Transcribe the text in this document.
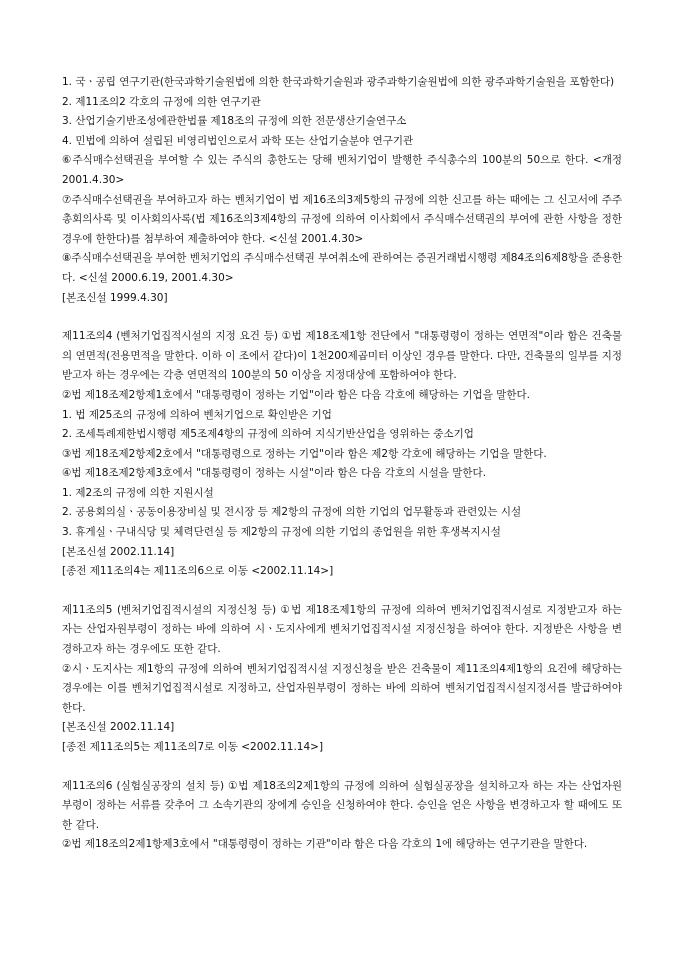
1. 국ㆍ공립 연구기관(한국과학기술원법에 의한 한국과학기술원과 광주과학기술원법에 의한 광주과학기술원을 포함한다)

2. 제11조의2 각호의 규정에 의한 연구기관

3. 산업기술기반조성에관한법률 제18조의 규정에 의한 전문생산기술연구소

4. 민법에 의하여 설립된 비영리법인으로서 과학 또는 산업기술분야 연구기관

⑥주식매수선택권을 부여할 수 있는 주식의 총한도는 당해 벤처기업이 발행한 주식총수의 100분의 50으로 한다. <개정 2001.4.30>

⑦주식매수선택권을 부여하고자 하는 벤처기업이 법 제16조의3제5항의 규정에 의한 신고를 하는 때에는 그 신고서에 주주총회의사록 및 이사회의사록(법 제16조의3제4항의 규정에 의하여 이사회에서 주식매수선택권의 부여에 관한 사항을 정한 경우에 한한다)를 첨부하여 제출하여야 한다. <신설 2001.4.30>

⑧주식매수선택권을 부여한 벤처기업의 주식매수선택권 부여취소에 관하여는 증권거래법시행령 제84조의6제8항을 준용한다. <신설 2000.6.19, 2001.4.30>

[본조신설 1999.4.30]

제11조의4 (벤처기업집적시설의 지정 요건 등) ①법 제18조제1항 전단에서 "대통령령이 정하는 연면적"이라 함은 건축물의 연면적(전용면적을 말한다. 이하 이 조에서 같다)이 1천200제곱미터 이상인 경우를 말한다. 다만, 건축물의 일부를 지정받고자 하는 경우에는 각층 연면적의 100분의 50 이상을 지정대상에 포함하여야 한다.

②법 제18조제2항제1호에서 "대통령령이 정하는 기업"이라 함은 다음 각호에 해당하는 기업을 말한다.

1. 법 제25조의 규정에 의하여 벤처기업으로 확인받은 기업

2. 조세특례제한법시행령 제5조제4항의 규정에 의하여 지식기반산업을 영위하는 중소기업

③법 제18조제2항제2호에서 "대통령령으로 정하는 기업"이라 함은 제2항 각호에 해당하는 기업을 말한다.

④법 제18조제2항제3호에서 "대통령령이 정하는 시설"이라 함은 다음 각호의 시설을 말한다.

1. 제2조의 규정에 의한 지원시설

2. 공용회의실ㆍ공동이용장비실 및 전시장 등 제2항의 규정에 의한 기업의 업무활동과 관련있는 시설

3. 휴게실ㆍ구내식당 및 체력단련실 등 제2항의 규정에 의한 기업의 종업원을 위한 후생복지시설

[본조신설 2002.11.14]

[종전 제11조의4는 제11조의6으로 이동 <2002.11.14>]

제11조의5 (벤처기업집적시설의 지정신청 등) ①법 제18조제1항의 규정에 의하여 벤처기업집적시설로 지정받고자 하는 자는 산업자원부령이 정하는 바에 의하여 시ㆍ도지사에게 벤처기업집적시설 지정신청을 하여야 한다. 지정받은 사항을 변경하고자 하는 경우에도 또한 같다.

②시ㆍ도지사는 제1항의 규정에 의하여 벤처기업집적시설 지정신청을 받은 건축물이 제11조의4제1항의 요건에 해당하는 경우에는 이를 벤처기업집적시설로 지정하고, 산업자원부령이 정하는 바에 의하여 벤처기업집적시설지정서를 발급하여야 한다.

[본조신설 2002.11.14]

[종전 제11조의5는 제11조의7로 이동 <2002.11.14>]

제11조의6 (실험실공장의 설치 등) ①법 제18조의2제1항의 규정에 의하여 실험실공장을 설치하고자 하는 자는 산업자원부령이 정하는 서류를 갖추어 그 소속기관의 장에게 승인을 신청하여야 한다. 승인을 얻은 사항을 변경하고자 할 때에도 또한 같다.

②법 제18조의2제1항제3호에서 "대통령령이 정하는 기관"이라 함은 다음 각호의 1에 해당하는 연구기관을 말한다.
